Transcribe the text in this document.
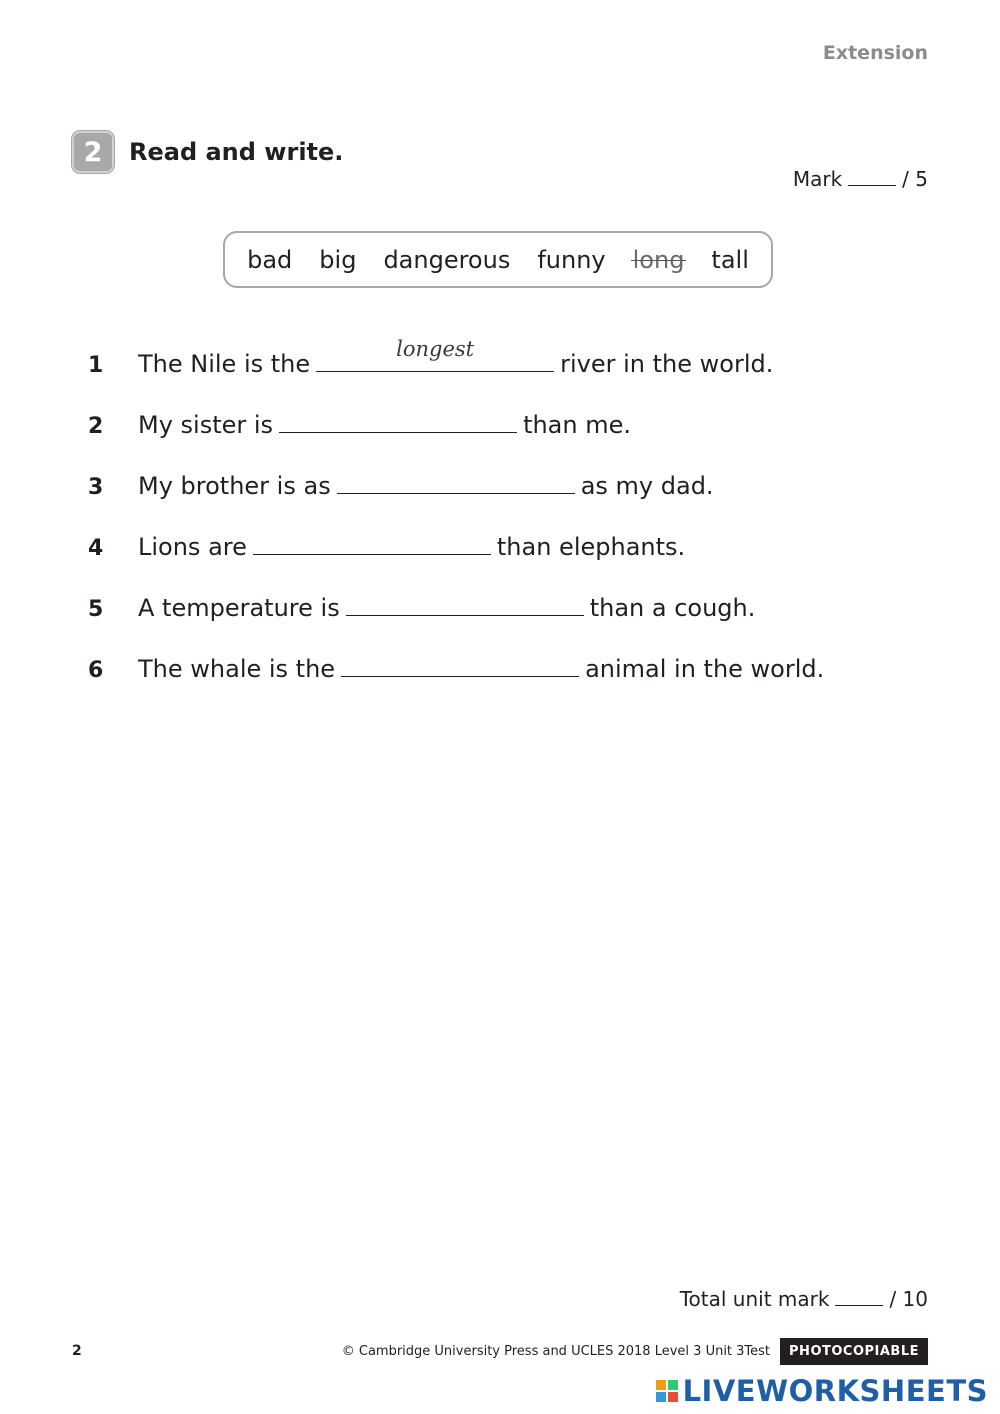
Extension
2	Read and write.
Mark	/ 5
bad big dangerous funny long tall
1	The Nile is the
longest
river in the world.
2	My sister is	than me.
3	My brother is as	as my dad.
4	Lions are	than elephants.
5	A temperature is	than a cough.
6	The whale is the	animal in the world.
Total unit mark	/ 10
2	© Cambridge University Press and UCLES 2018 Level 3 Unit 3Test	PHOTOCOPIABLE
LIVEWORKSHEETS
